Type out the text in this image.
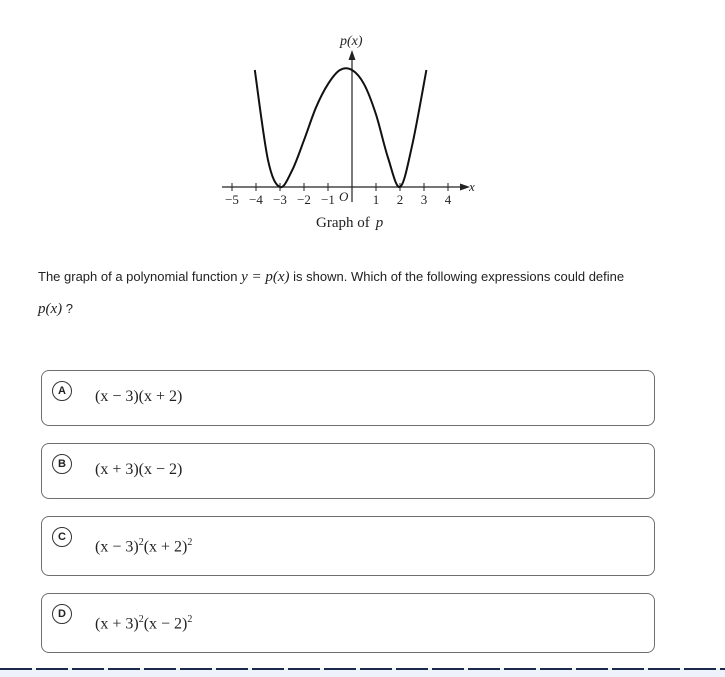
−5 −4 −3 −2 −1	1 2 3 4
p(x)
x
O
Graph of p
The graph of a polynomial function y = p(x) is shown. Which of the following expressions could define
p(x) ?
A	(x − 3)(x + 2)
B	(x + 3)(x − 2)
C
$(x - 3)^2(x + 2)^2$
D
$(x + 3)^2(x - 2)^2$
